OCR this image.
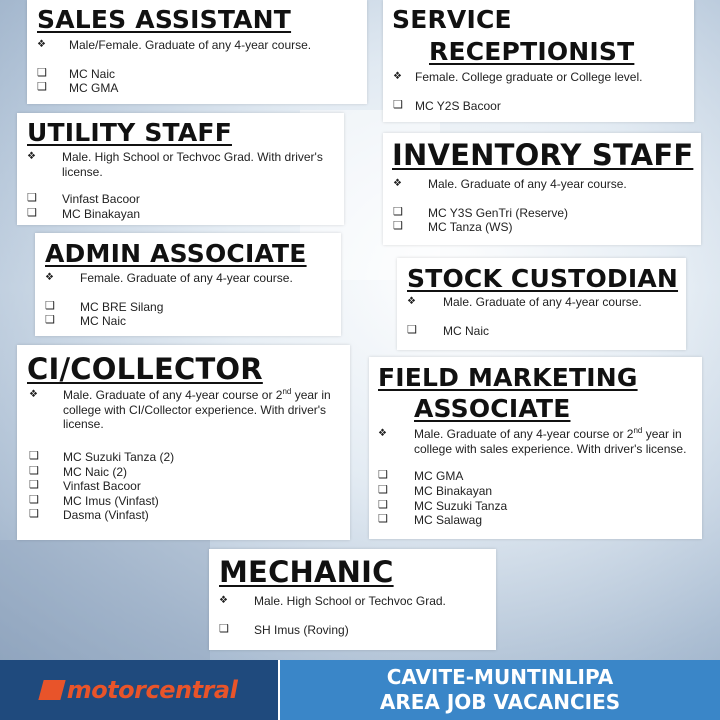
SALES ASSISTANT
❖	Male/Female. Graduate of any 4-year course.
❑	MC Naic
❑	MC GMA
SERVICE
RECEPTIONIST
❖	Female. College graduate or College level.
❑	MC Y2S Bacoor
UTILITY STAFF
❖	Male. High School or Techvoc Grad. With driver's license.
❑	Vinfast Bacoor
❑	MC Binakayan
INVENTORY STAFF
❖	Male. Graduate of any 4-year course.
❑	MC Y3S GenTri (Reserve)
❑	MC Tanza (WS)
ADMIN ASSOCIATE
❖	Female. Graduate of any 4-year course.
❑	MC BRE Silang
❑	MC Naic
STOCK CUSTODIAN
❖	Male. Graduate of any 4-year course.
❑	MC Naic
CI/COLLECTOR
❖	Male. Graduate of any 4-year course or 2nd year in college with CI/Collector experience. With driver's license.
❑	MC Suzuki Tanza (2)
❑	MC Naic (2)
❑	Vinfast Bacoor
❑	MC Imus (Vinfast)
❑	Dasma (Vinfast)
FIELD MARKETING
ASSOCIATE
❖	Male. Graduate of any 4-year course or 2nd year in college with sales experience. With driver's license.
❑	MC GMA
❑	MC Binakayan
❑	MC Suzuki Tanza
❑	MC Salawag
MECHANIC
❖	Male. High School or Techvoc Grad.
❑	SH Imus (Roving)
motorcentral	CAVITE-MUNTINLIPA
AREA JOB VACANCIES
